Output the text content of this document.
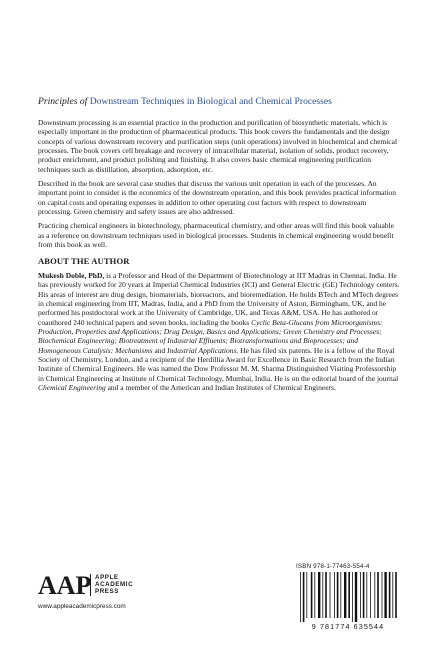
Principles of Downstream Techniques in Biological and Chemical Processes

Downstream processing is an essential practice in the production and purification of biosynthetic materials, which is especially important in the production of pharmaceutical products. This book covers the fundamentals and the design concepts of various downstream recovery and purification steps (unit operations) involved in biochemical and chemical processes. The book covers cell breakage and recovery of intracellular material, isolation of solids, product recovery, product enrichment, and product polishing and finishing. It also covers basic chemical engineering purification techniques such as distillation, absorption, adsorption, etc.

Described in the book are several case studies that discuss the various unit operation in each of the processes. An important point to consider is the economics of the downstream operation, and this book provides practical information on capital costs and operating expenses in addition to other operating cost factors with respect to downstream processing. Green chemistry and safety issues are also addressed.

Practicing chemical engineers in biotechnology, pharmaceutical chemistry, and other areas will find this book valuable as a reference on downstream techniques used in biological processes. Students in chemical engineering would benefit from this book as well.

ABOUT THE AUTHOR

Mukesh Doble, PhD, is a Professor and Head of the Department of Biotechnology at IIT Madras in Chennai, India. He has previously worked for 20 years at Imperial Chemical Industries (ICI) and General Electric (GE) Technology centers. His areas of interest are drug design, biomaterials, bioreactors, and bioremediation. He holds BTech and MTech degrees in chemical engineering from IIT, Madras, India, and a PhD from the University of Aston, Birmingham, UK, and he performed his postdoctoral work at the University of Cambridge, UK, and Texas A&M, USA. He has authored or coauthored 240 technical papers and seven books, including the books Cyclic Beta-Glucans from Microorganisms: Production, Properties and Applications; Drug Design, Basics and Applications; Green Chemistry and Processes; Biochemical Engineering; Biotreatment of Industrial Effluents; Biotransformations and Bioprocesses; and Homogeneous Catalysis: Mechanisms and Industrial Applications. He has filed six patents. He is a fellow of the Royal Society of Chemistry, London, and a recipient of the Herdillia Award for Excellence in Basic Research from the Indian Institute of Chemical Engineers. He was named the Dow Professor M. M. Sharma Distinguished Visiting Professorship in Chemical Engineering at Institute of Chemical Technology, Mumbai, India. He is on the editorial board of the journal Chemical Engineering and a member of the American and Indian Institutes of Chemical Engineers.

AAP APPLE
ACADEMIC
PRESS
www.appleacademicpress.com
ISBN 978-1-77463-554-4
9 781774 635544
